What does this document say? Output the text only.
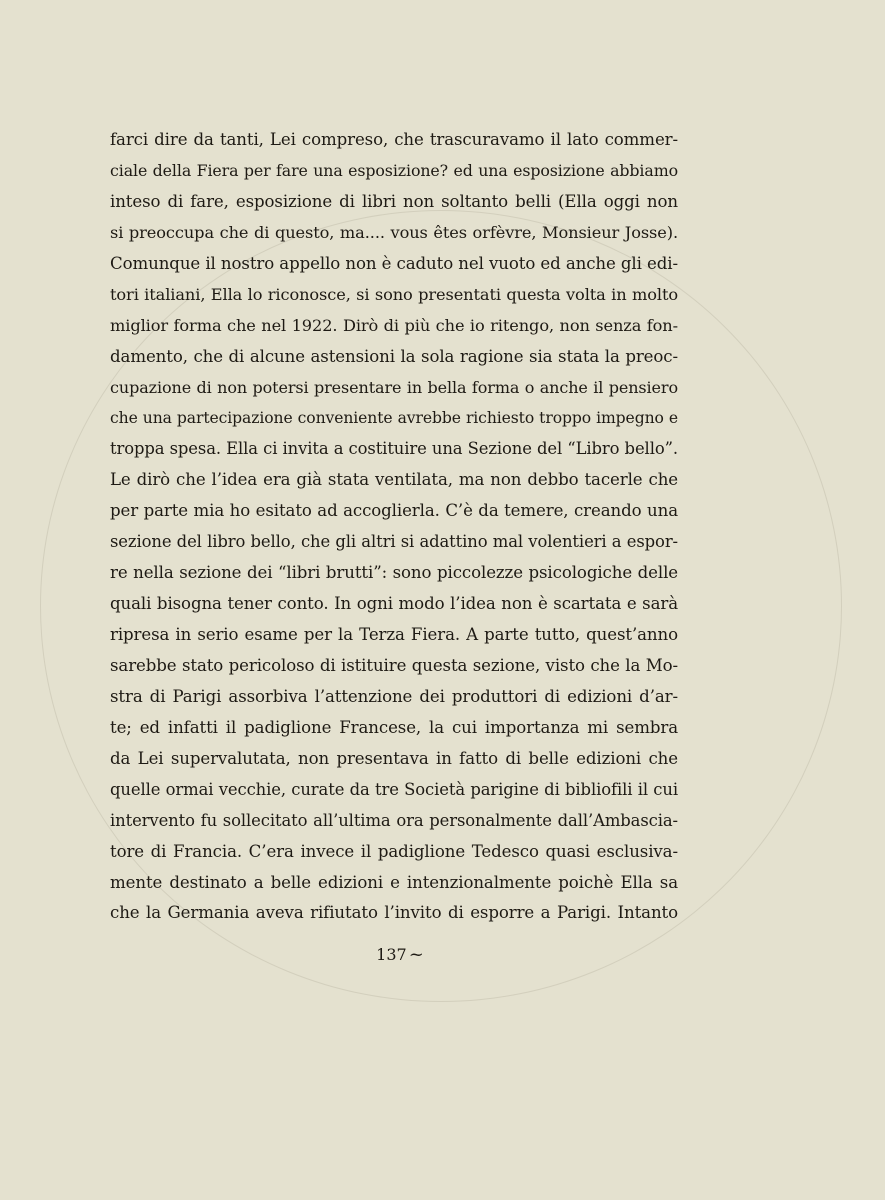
farci dire da tanti, Lei compreso, che trascuravamo il lato commer-
ciale della Fiera per fare una esposizione? ed una esposizione abbiamo
inteso di fare, esposizione di libri non soltanto belli (Ella oggi non
si preoccupa che di questo, ma.... vous êtes orfèvre, Monsieur Josse).
Comunque il nostro appello non è caduto nel vuoto ed anche gli edi-
tori italiani, Ella lo riconosce, si sono presentati questa volta in molto
miglior forma che nel 1922. Dirò di più che io ritengo, non senza fon-
damento, che di alcune astensioni la sola ragione sia stata la preoc-
cupazione di non potersi presentare in bella forma o anche il pensiero
che una partecipazione conveniente avrebbe richiesto troppo impegno e
troppa spesa. Ella ci invita a costituire una Sezione del “Libro bello”.
Le dirò che l’idea era già stata ventilata, ma non debbo tacerle che
per parte mia ho esitato ad accoglierla. C’è da temere, creando una
sezione del libro bello, che gli altri si adattino mal volentieri a espor-
re nella sezione dei “libri brutti”: sono piccolezze psicologiche delle
quali bisogna tener conto. In ogni modo l’idea non è scartata e sarà
ripresa in serio esame per la Terza Fiera. A parte tutto, quest’anno
sarebbe stato pericoloso di istituire questa sezione, visto che la Mo-
stra di Parigi assorbiva l’attenzione dei produttori di edizioni d’ar-
te; ed infatti il padiglione Francese, la cui importanza mi sembra
da Lei supervalutata, non presentava in fatto di belle edizioni che
quelle ormai vecchie, curate da tre Società parigine di bibliofili il cui
intervento fu sollecitato all’ultima ora personalmente dall’Ambascia-
tore di Francia. C’era invece il padiglione Tedesco quasi esclusiva-
mente destinato a belle edizioni e intenzionalmente poichè Ella sa
che la Germania aveva rifiutato l’invito di esporre a Parigi. Intanto
137 ~
